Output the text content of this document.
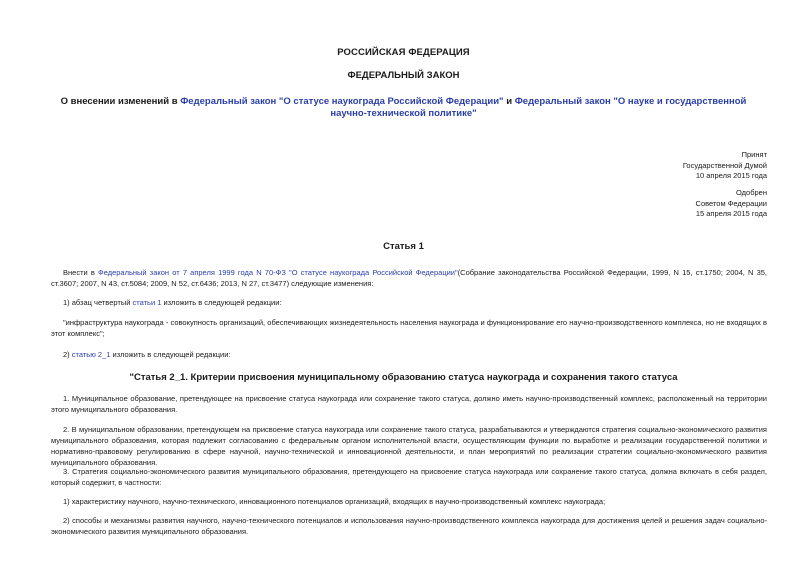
РОССИЙСКАЯ ФЕДЕРАЦИЯ
ФЕДЕРАЛЬНЫЙ ЗАКОН
О внесении изменений в Федеральный закон "О статусе наукограда Российской Федерации" и Федеральный закон "О науке и государственной научно-технической политике"
Принят
Государственной Думой
10 апреля 2015 года
Одобрен
Советом Федерации
15 апреля 2015 года
Статья 1
Внести в Федеральный закон от 7 апреля 1999 года N 70-ФЗ "О статусе наукограда Российской Федерации"(Собрание законодательства Российской Федерации, 1999, N 15, ст.1750; 2004, N 35, ст.3607; 2007, N 43, ст.5084; 2009, N 52, ст.6436; 2013, N 27, ст.3477) следующие изменения:
1) абзац четвертый статьи 1 изложить в следующей редакции:
"инфраструктура наукограда - совокупность организаций, обеспечивающих жизнедеятельность населения наукограда и функционирование его научно-производственного комплекса, но не входящих в этот комплекс";
2) статью 2_1 изложить в следующей редакции:
"Статья 2_1. Критерии присвоения муниципальному образованию статуса наукограда и сохранения такого статуса
1. Муниципальное образование, претендующее на присвоение статуса наукограда или сохранение такого статуса, должно иметь научно-производственный комплекс, расположенный на территории этого муниципального образования.
2. В муниципальном образовании, претендующем на присвоение статуса наукограда или сохранение такого статуса, разрабатываются и утверждаются стратегия социально-экономического развития муниципального образования, которая подлежит согласованию с федеральным органом исполнительной власти, осуществляющим функции по выработке и реализации государственной политики и нормативно-правовому регулированию в сфере научной, научно-технической и инновационной деятельности, и план мероприятий по реализации стратегии социально-экономического развития муниципального образования.
3. Стратегия социально-экономического развития муниципального образования, претендующего на присвоение статуса наукограда или сохранение такого статуса, должна включать в себя раздел, который содержит, в частности:
1) характеристику научного, научно-технического, инновационного потенциалов организаций, входящих в научно-производственный комплекс наукограда;
2) способы и механизмы развития научного, научно-технического потенциалов и использования научно-производственного комплекса наукограда для достижения целей и решения задач социально-экономического развития муниципального образования.
